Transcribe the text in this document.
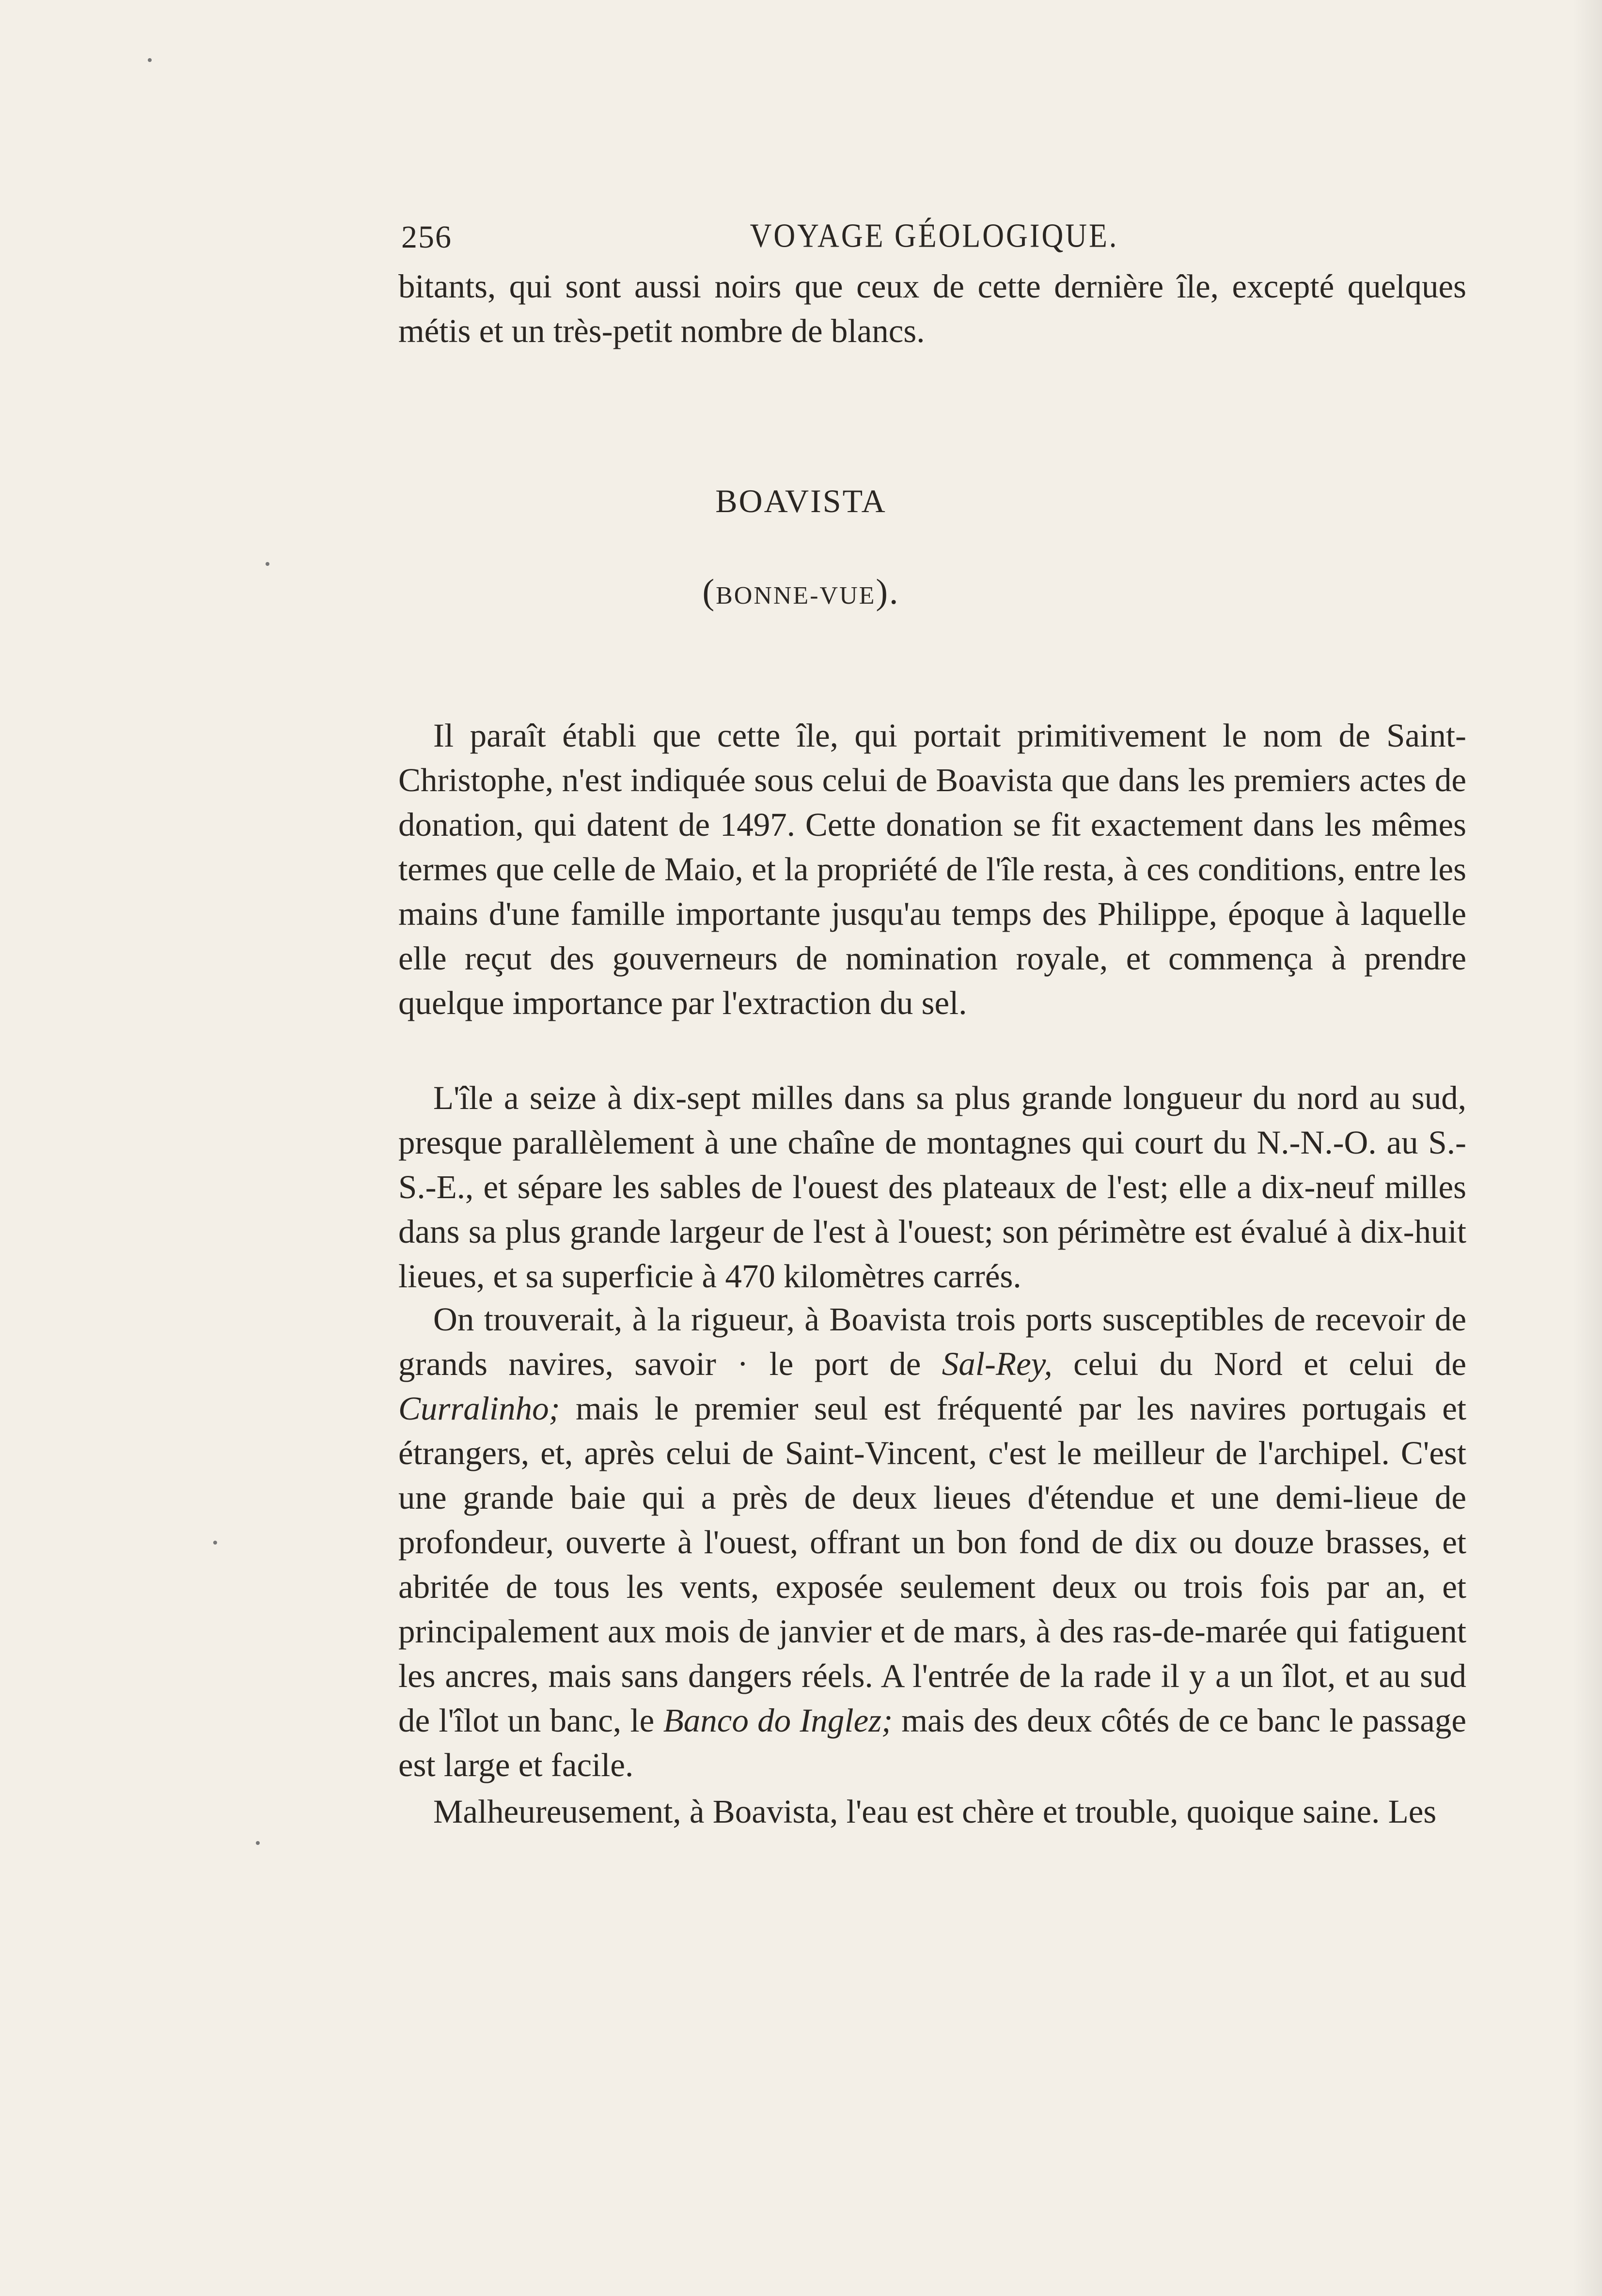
256	VOYAGE GÉOLOGIQUE.

bitants, qui sont aussi noirs que ceux de cette dernière île, excepté quelques métis et un très-petit nombre de blancs.

BOAVISTA
(BONNE-VUE).

Il paraît établi que cette île, qui portait primitivement le nom de Saint-Christophe, n'est indiquée sous celui de Boavista que dans les premiers actes de donation, qui datent de 1497. Cette donation se fit exactement dans les mêmes termes que celle de Maio, et la propriété de l'île resta, à ces conditions, entre les mains d'une famille importante jusqu'au temps des Philippe, époque à laquelle elle reçut des gouverneurs de nomination royale, et commença à prendre quelque importance par l'extraction du sel.

L'île a seize à dix-sept milles dans sa plus grande longueur du nord au sud, presque parallèlement à une chaîne de montagnes qui court du N.-N.-O. au S.-S.-E., et sépare les sables de l'ouest des plateaux de l'est; elle a dix-neuf milles dans sa plus grande largeur de l'est à l'ouest; son périmètre est évalué à dix-huit lieues, et sa superficie à 470 kilomètres carrés.

On trouverait, à la rigueur, à Boavista trois ports susceptibles de recevoir de grands navires, savoir · le port de Sal-Rey, celui du Nord et celui de Curralinho; mais le premier seul est fréquenté par les navires portugais et étrangers, et, après celui de Saint-Vincent, c'est le meilleur de l'archipel. C'est une grande baie qui a près de deux lieues d'étendue et une demi-lieue de profondeur, ouverte à l'ouest, offrant un bon fond de dix ou douze brasses, et abritée de tous les vents, exposée seulement deux ou trois fois par an, et principalement aux mois de janvier et de mars, à des ras-de-marée qui fatiguent les ancres, mais sans dangers réels. A l'entrée de la rade il y a un îlot, et au sud de l'îlot un banc, le Banco do Inglez; mais des deux côtés de ce banc le passage est large et facile.

Malheureusement, à Boavista, l'eau est chère et trouble, quoique saine. Les
